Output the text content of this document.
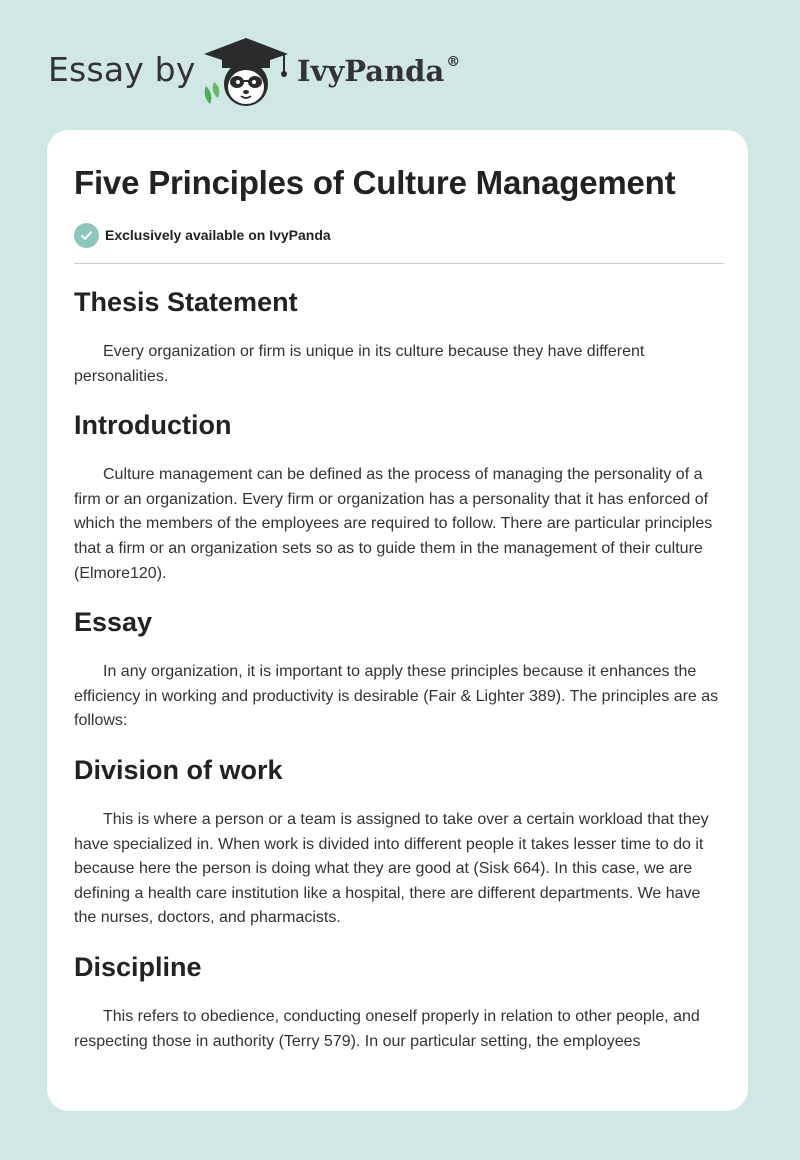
Essay by	IvyPanda ®
Five Principles of Culture Management
Exclusively available on IvyPanda
Thesis Statement

Every organization or firm is unique in its culture because they have different personalities.

Introduction

Culture management can be defined as the process of managing the personality of a firm or an organization. Every firm or organization has a personality that it has enforced of which the members of the employees are required to follow. There are particular principles that a firm or an organization sets so as to guide them in the management of their culture (Elmore120).

Essay

In any organization, it is important to apply these principles because it enhances the efficiency in working and productivity is desirable (Fair & Lighter 389). The principles are as follows:

Division of work

This is where a person or a team is assigned to take over a certain workload that they have specialized in. When work is divided into different people it takes lesser time to do it because here the person is doing what they are good at (Sisk 664). In this case, we are defining a health care institution like a hospital, there are different departments. We have the nurses, doctors, and pharmacists.

Discipline

This refers to obedience, conducting oneself properly in relation to other people, and respecting those in authority (Terry 579). In our particular setting, the employees
